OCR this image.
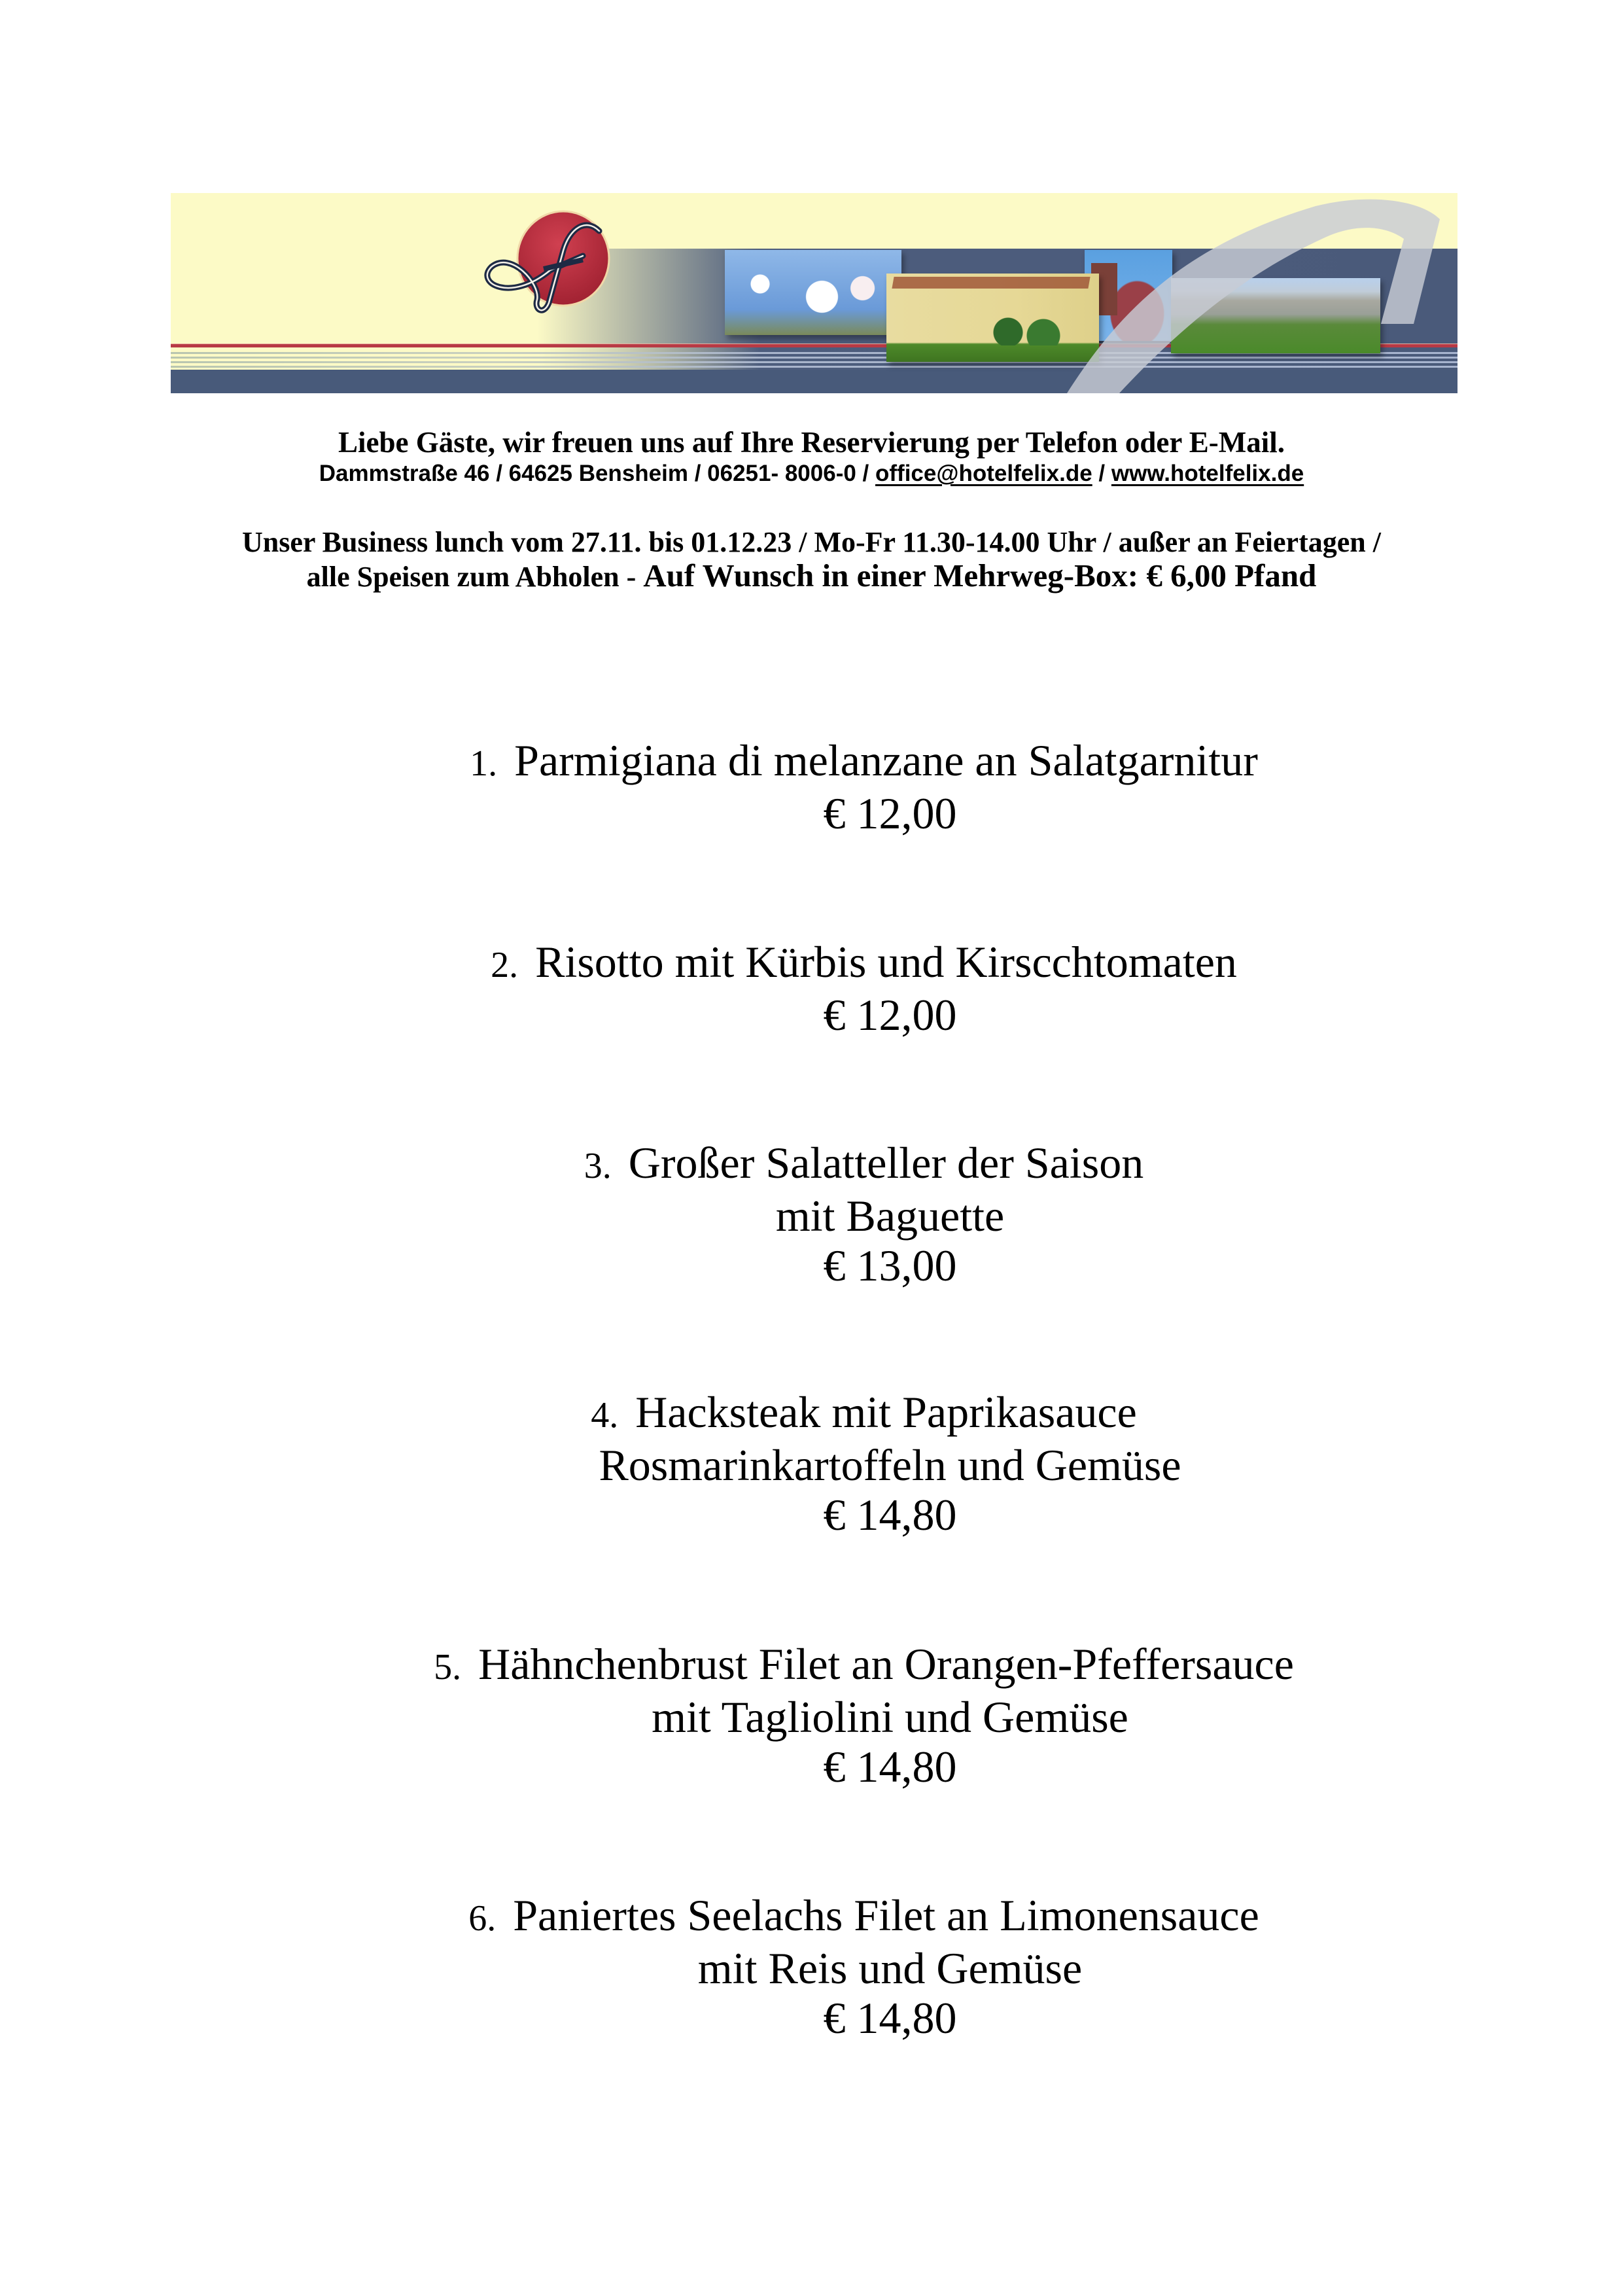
Liebe Gäste, wir freuen uns auf Ihre Reservierung per Telefon oder E-Mail.
Dammstraße 46 / 64625 Bensheim / 06251- 8006-0 / office@hotelfelix.de / www.hotelfelix.de
Unser Business lunch vom 27.11. bis 01.12.23 / Mo-Fr 11.30-14.00 Uhr / außer an Feiertagen /
alle Speisen zum Abholen - Auf Wunsch in einer Mehrweg-Box: € 6,00 Pfand
1. Parmigiana di melanzane an Salatgarnitur
€ 12,00
2. Risotto mit Kürbis und Kirscchtomaten
€ 12,00
3. Großer Salatteller der Saison
mit Baguette
€ 13,00
4. Hacksteak mit Paprikasauce
Rosmarinkartoffeln und Gemüse
€ 14,80
5. Hähnchenbrust Filet an Orangen-Pfeffersauce
mit Tagliolini und Gemüse
€ 14,80
6. Paniertes Seelachs Filet an Limonensauce
mit Reis und Gemüse
€ 14,80
